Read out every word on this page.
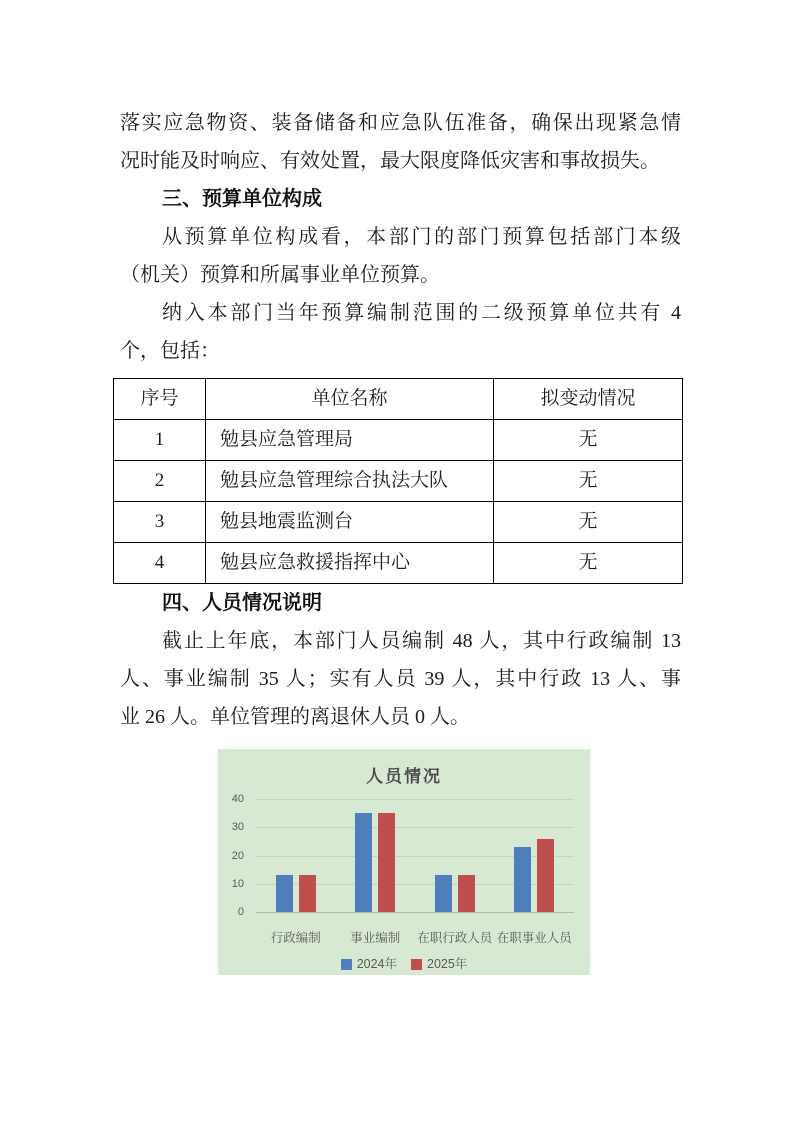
落实应急物资、装备储备和应急队伍准备，确保出现紧急情
况时能及时响应、有效处置，最大限度降低灾害和事故损失。

三、预算单位构成

从预算单位构成看，本部门的部门预算包括部门本级
（机关）预算和所属事业单位预算。

纳入本部门当年预算编制范围的二级预算单位共有 4
个，包括：

序号	单位名称	拟变动情况
1	勉县应急管理局	无
2	勉县应急管理综合执法大队	无
3	勉县地震监测台	无
4	勉县应急救援指挥中心	无
四、人员情况说明

截止上年底，本部门人员编制 48 人，其中行政编制 13
人、事业编制 35 人；实有人员 39 人，其中行政 13 人、事
业 26 人。单位管理的离退休人员 0 人。

人员情况
0
10
20
30
40
行政编制	事业编制	在职行政人员 在职事业人员
2024年 2025年
